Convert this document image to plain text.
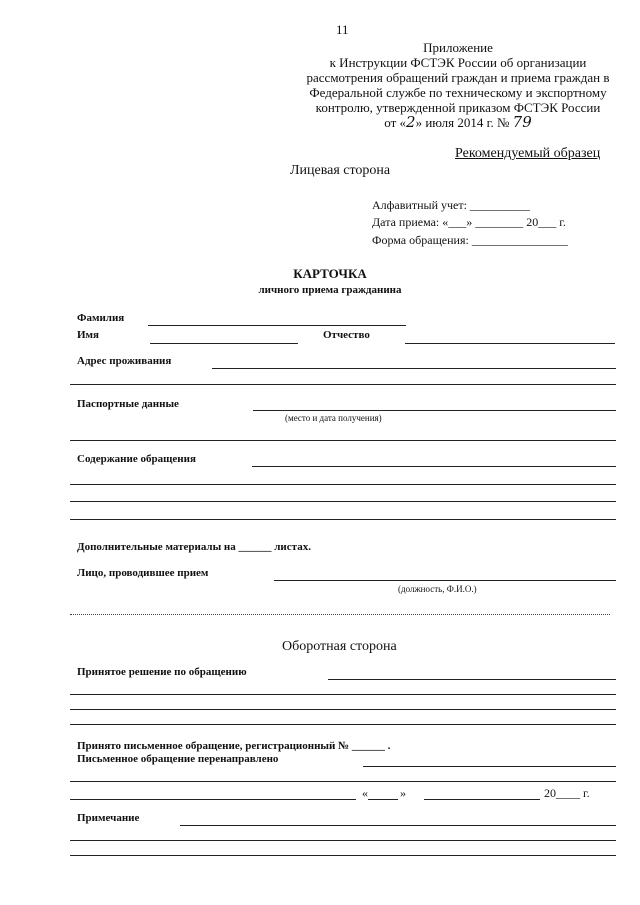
11
Приложение
к Инструкции ФСТЭК России об организации
рассмотрения обращений граждан и приема граждан в
Федеральной службе по техническому и экспортному
контролю, утвержденной приказом ФСТЭК России
от «2» июля 2014 г. № 79
Рекомендуемый образец
Лицевая сторона
Алфавитный учет: __________
Дата приема: «___» ________ 20___ г.
Форма обращения: ________________
КАРТОЧКА
личного приема гражданина
Фамилия
Имя	Отчество
Адрес проживания
Паспортные данные
(место и дата получения)
Содержание обращения
Дополнительные материалы на ______ листах.
Лицо, проводившее прием
(должность, Ф.И.О.)
Оборотная сторона
Принятое решение по обращению
Принято письменное обращение, регистрационный № ______ .
Письменное обращение перенаправлено
«	»	20____ г.
Примечание
